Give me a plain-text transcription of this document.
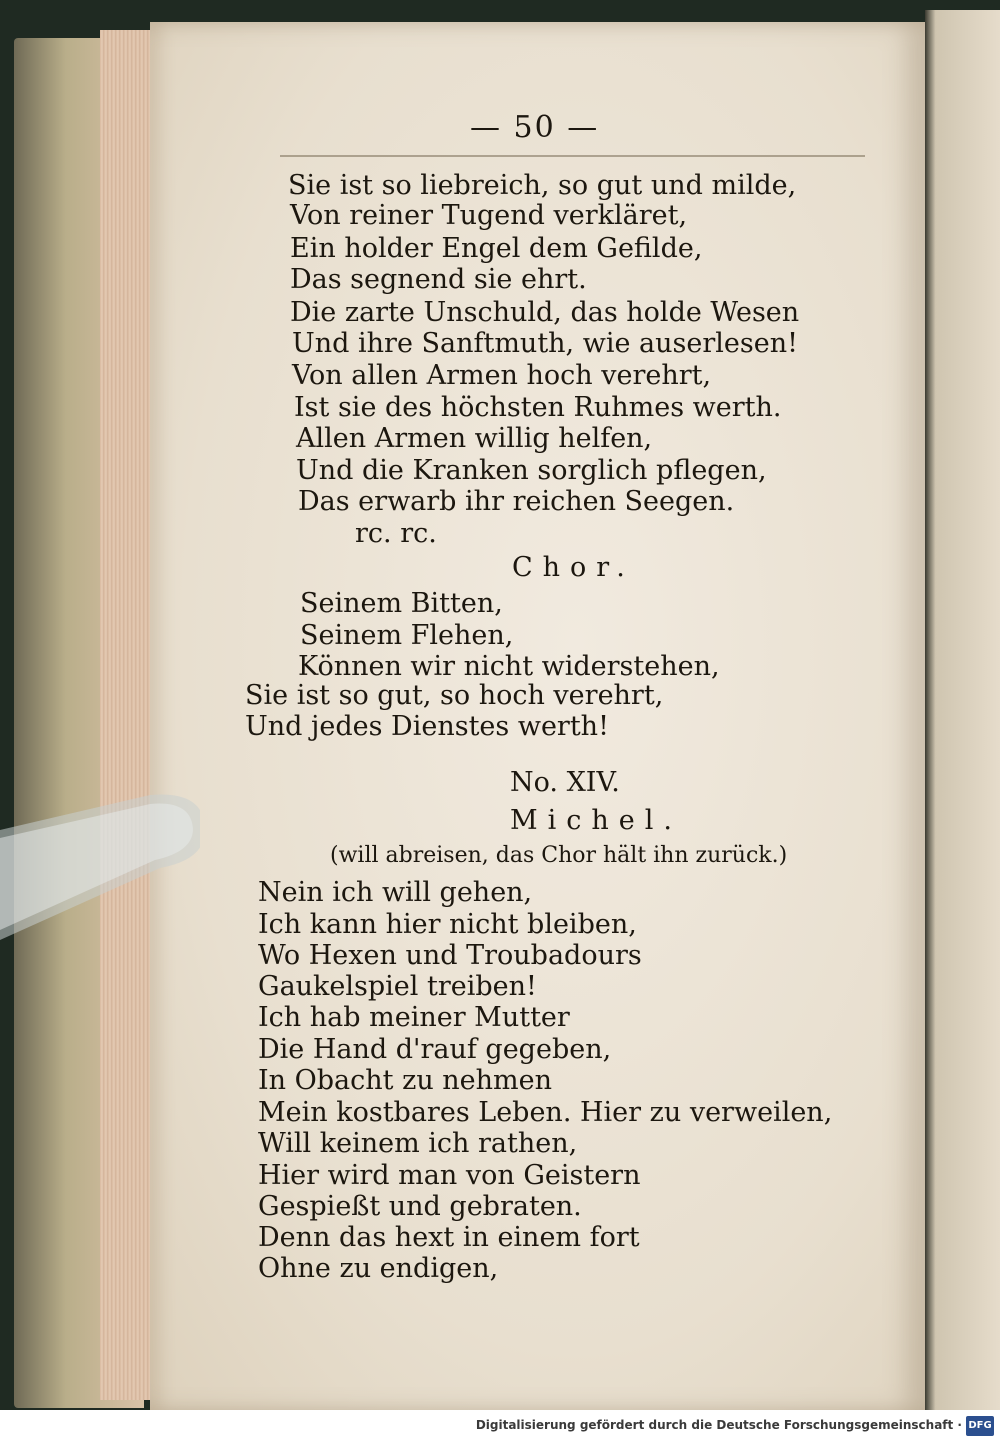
— 50 —
Sie ist so liebreich, so gut und milde,
Von reiner Tugend verkläret,
Ein holder Engel dem Gefilde,
Das segnend sie ehrt.
Die zarte Unschuld, das holde Wesen
Und ihre Sanftmuth, wie auserlesen!
Von allen Armen hoch verehrt,
Ist sie des höchsten Ruhmes werth.
Allen Armen willig helfen,
Und die Kranken sorglich pflegen,
Das erwarb ihr reichen Seegen.
rc. rc.
Chor.
Seinem Bitten,
Seinem Flehen,
Können wir nicht widerstehen,
Sie ist so gut, so hoch verehrt,
Und jedes Dienstes werth!
No. XIV.
Michel.
(will abreisen, das Chor hält ihn zurück.)
Nein ich will gehen,
Ich kann hier nicht bleiben,
Wo Hexen und Troubadours
Gaukelspiel treiben!
Ich hab meiner Mutter
Die Hand d'rauf gegeben,
In Obacht zu nehmen
Mein kostbares Leben. Hier zu verweilen,
Will keinem ich rathen,
Hier wird man von Geistern
Gespießt und gebraten.
Denn das hext in einem fort
Ohne zu endigen,
Digitalisierung gefördert durch die Deutsche Forschungsgemeinschaft · DFG
